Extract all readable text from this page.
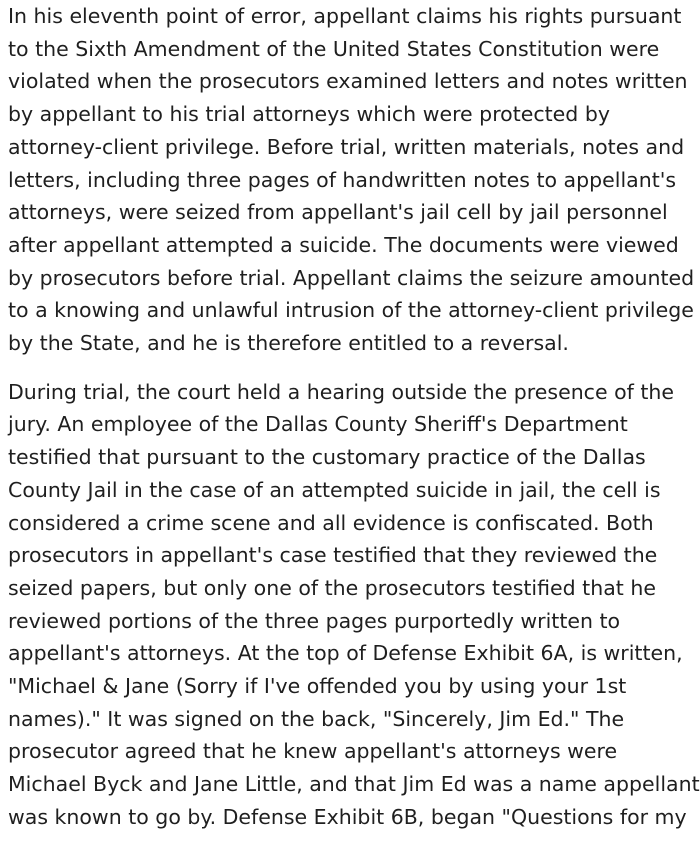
In his eleventh point of error, appellant claims his rights pursuant
to the Sixth Amendment of the United States Constitution were
violated when the prosecutors examined letters and notes written
by appellant to his trial attorneys which were protected by
attorney-client privilege. Before trial, written materials, notes and
letters, including three pages of handwritten notes to appellant's
attorneys, were seized from appellant's jail cell by jail personnel
after appellant attempted a suicide. The documents were viewed
by prosecutors before trial. Appellant claims the seizure amounted
to a knowing and unlawful intrusion of the attorney-client privilege
by the State, and he is therefore entitled to a reversal.

During trial, the court held a hearing outside the presence of the
jury. An employee of the Dallas County Sheriff's Department
testified that pursuant to the customary practice of the Dallas
County Jail in the case of an attempted suicide in jail, the cell is
considered a crime scene and all evidence is confiscated. Both
prosecutors in appellant's case testified that they reviewed the
seized papers, but only one of the prosecutors testified that he
reviewed portions of the three pages purportedly written to
appellant's attorneys. At the top of Defense Exhibit 6A, is written,
"Michael & Jane (Sorry if I've offended you by using your 1st
names)." It was signed on the back, "Sincerely, Jim Ed." The
prosecutor agreed that he knew appellant's attorneys were
Michael Byck and Jane Little, and that Jim Ed was a name appellant
was known to go by. Defense Exhibit 6B, began "Questions for my
